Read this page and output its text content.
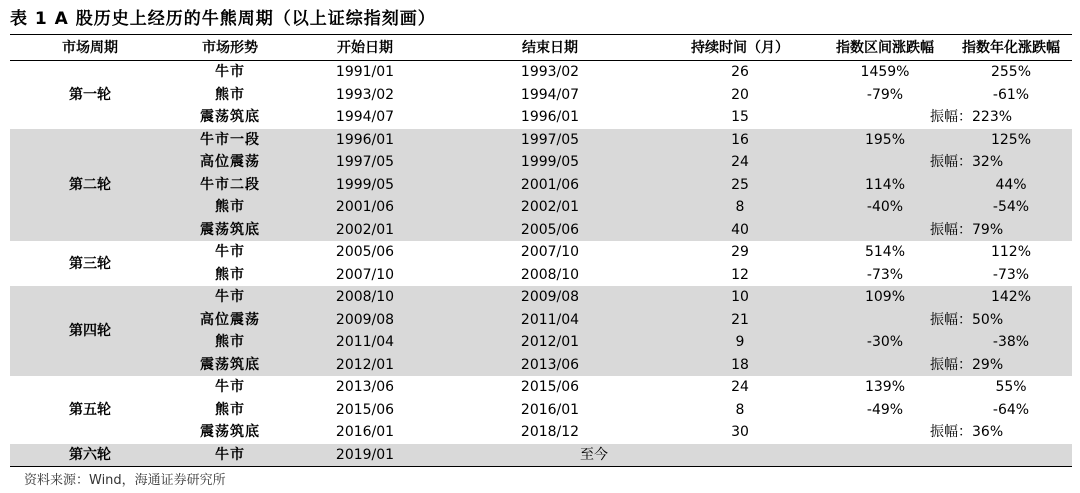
表 1 A 股历史上经历的牛熊周期（以上证综指刻画）
市场周期	市场形势	开始日期	结束日期	持续时间（月）	指数区间涨跌幅	指数年化涨跌幅
第一轮	牛市	1991/01	1993/02	26	1459%	255%
	熊市	1993/02	1994/07	20	-79%	-61%
	震荡筑底	1994/07	1996/01	15	振幅：223%	
第二轮	牛市一段	1996/01	1997/05	16	195%	125%
	高位震荡	1997/05	1999/05	24	振幅：32%	
	牛市二段	1999/05	2001/06	25	114%	44%
	熊市	2001/06	2002/01	8	-40%	-54%
	震荡筑底	2002/01	2005/06	40	振幅：79%	
第三轮	牛市	2005/06	2007/10	29	514%	112%
	熊市	2007/10	2008/10	12	-73%	-73%
第四轮	牛市	2008/10	2009/08	10	109%	142%
	高位震荡	2009/08	2011/04	21	振幅：50%	
	熊市	2011/04	2012/01	9	-30%	-38%
	震荡筑底	2012/01	2013/06	18	振幅：29%	
第五轮	牛市	2013/06	2015/06	24	139%	55%
	熊市	2015/06	2016/01	8	-49%	-64%
	震荡筑底	2016/01	2018/12	30	振幅：36%	
第六轮	牛市	2019/01	至今			
资料来源：Wind，海通证券研究所
